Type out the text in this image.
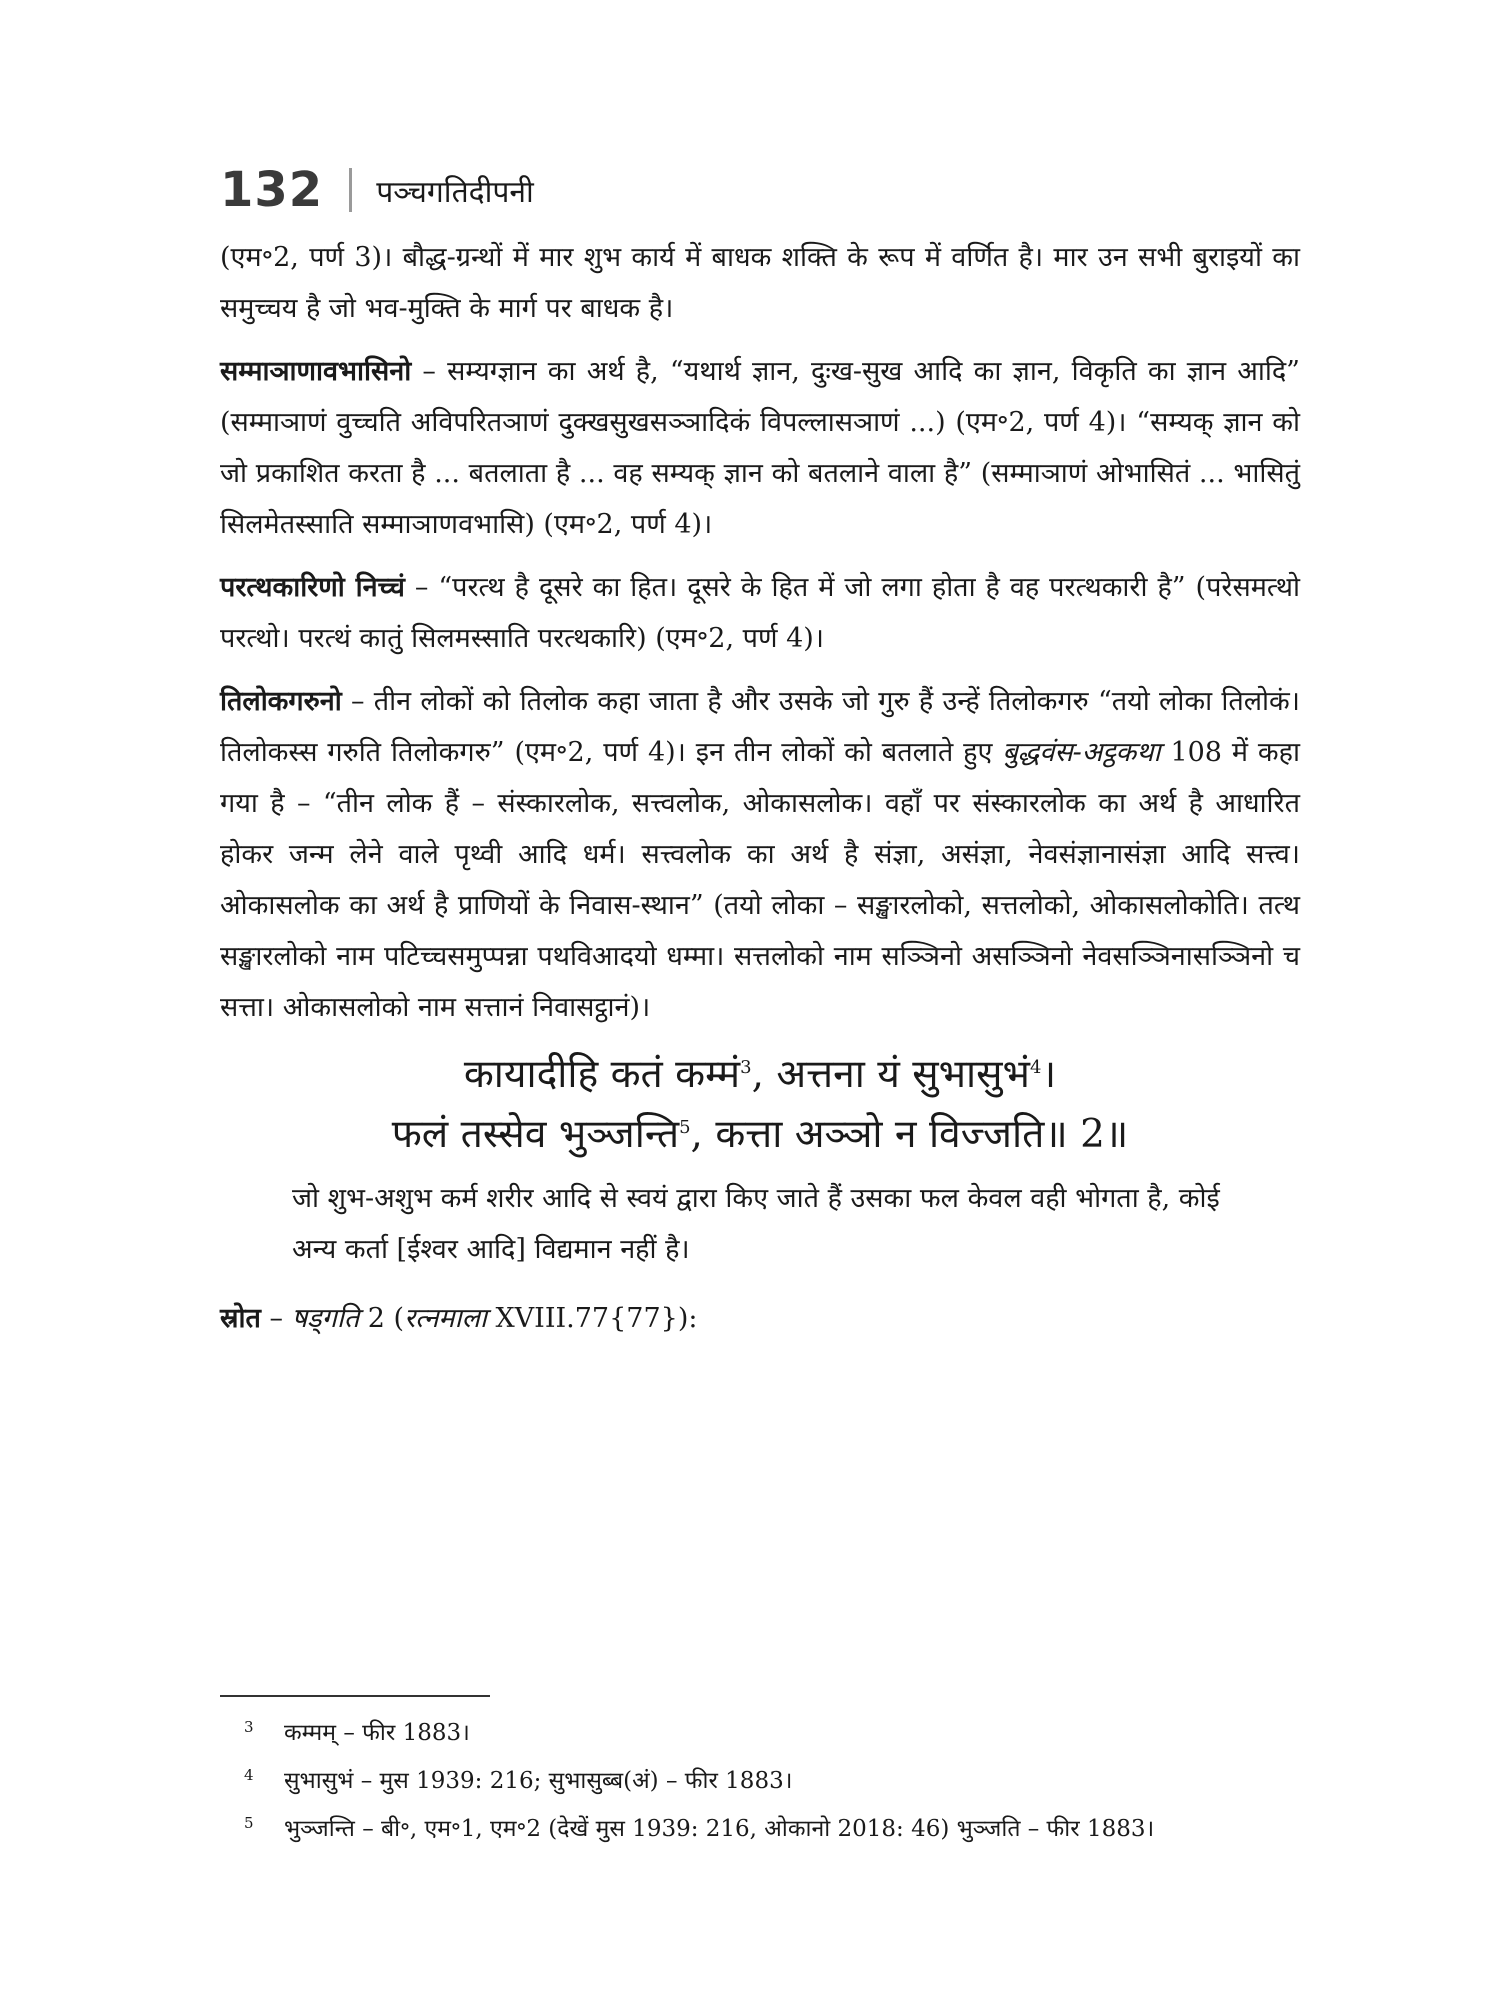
132 पञ्चगतिदीपनी

(एम॰2, पर्ण 3)। बौद्ध-ग्रन्थों में मार शुभ कार्य में बाधक शक्ति के रूप में वर्णित है। मार उन सभी बुराइयों का समुच्चय है जो भव-मुक्ति के मार्ग पर बाधक है।

सम्माञाणावभासिनो – सम्यग्ज्ञान का अर्थ है, “यथार्थ ज्ञान, दुःख-सुख आदि का ज्ञान, विकृति का ज्ञान आदि” (सम्माञाणं वुच्चति अविपरितञाणं दुक्खसुखसञ्ञादिकं विपल्लासञाणं ...) (एम॰2, पर्ण 4)। “सम्यक् ज्ञान को जो प्रकाशित करता है ... बतलाता है ... वह सम्यक् ज्ञान को बतलाने वाला है” (सम्माञाणं ओभासितं ... भासितुं सिलमेतस्साति सम्माञाणवभासि) (एम॰2, पर्ण 4)।

परत्थकारिणो निच्चं – “परत्थ है दूसरे का हित। दूसरे के हित में जो लगा होता है वह परत्थकारी है” (परेसमत्थो परत्थो। परत्थं कातुं सिलमस्साति परत्थकारि) (एम॰2, पर्ण 4)।

तिलोकगरुनो – तीन लोकों को तिलोक कहा जाता है और उसके जो गुरु हैं उन्हें तिलोकगरु “तयो लोका तिलोकं। तिलोकस्स गरुति तिलोकगरु” (एम॰2, पर्ण 4)। इन तीन लोकों को बतलाते हुए बुद्धवंस-अट्ठकथा 108 में कहा गया है – “तीन लोक हैं – संस्कारलोक, सत्त्वलोक, ओकासलोक। वहाँ पर संस्कारलोक का अर्थ है आधारित होकर जन्म लेने वाले पृथ्वी आदि धर्म। सत्त्वलोक का अर्थ है संज्ञा, असंज्ञा, नेवसंज्ञानासंज्ञा आदि सत्त्व। ओकासलोक का अर्थ है प्राणियों के निवास-स्थान” (तयो लोका – सङ्खारलोको, सत्तलोको, ओकासलोकोति। तत्थ सङ्खारलोको नाम पटिच्चसमुप्पन्ना पथविआदयो धम्मा। सत्तलोको नाम सञ्ञिनो असञ्ञिनो नेवसञ्ञिनासञ्ञिनो च सत्ता। ओकासलोको नाम सत्तानं निवासट्ठानं)।

कायादीहि कतं कम्मं$^3$, अत्तना यं सुभासुभं$^4$।
फलं तस्सेव भुञ्जन्ति$^5$, कत्ता अञ्ञो न विज्जति॥ 2॥

जो शुभ-अशुभ कर्म शरीर आदि से स्वयं द्वारा किए जाते हैं उसका फल केवल वही भोगता है, कोई अन्य कर्ता [ईश्वर आदि] विद्यमान नहीं है।

स्रोत – षड्गति 2 (रत्नमाला XVIII.77{77}):

3	कम्मम् – फीर 1883।
4	सुभासुभं – मुस 1939: 216; सुभासुब्ब(अं) – फीर 1883।
5	भुञ्जन्ति – बी॰, एम॰1, एम॰2 (देखें मुस 1939: 216, ओकानो 2018: 46) भुञ्जति – फीर 1883।
